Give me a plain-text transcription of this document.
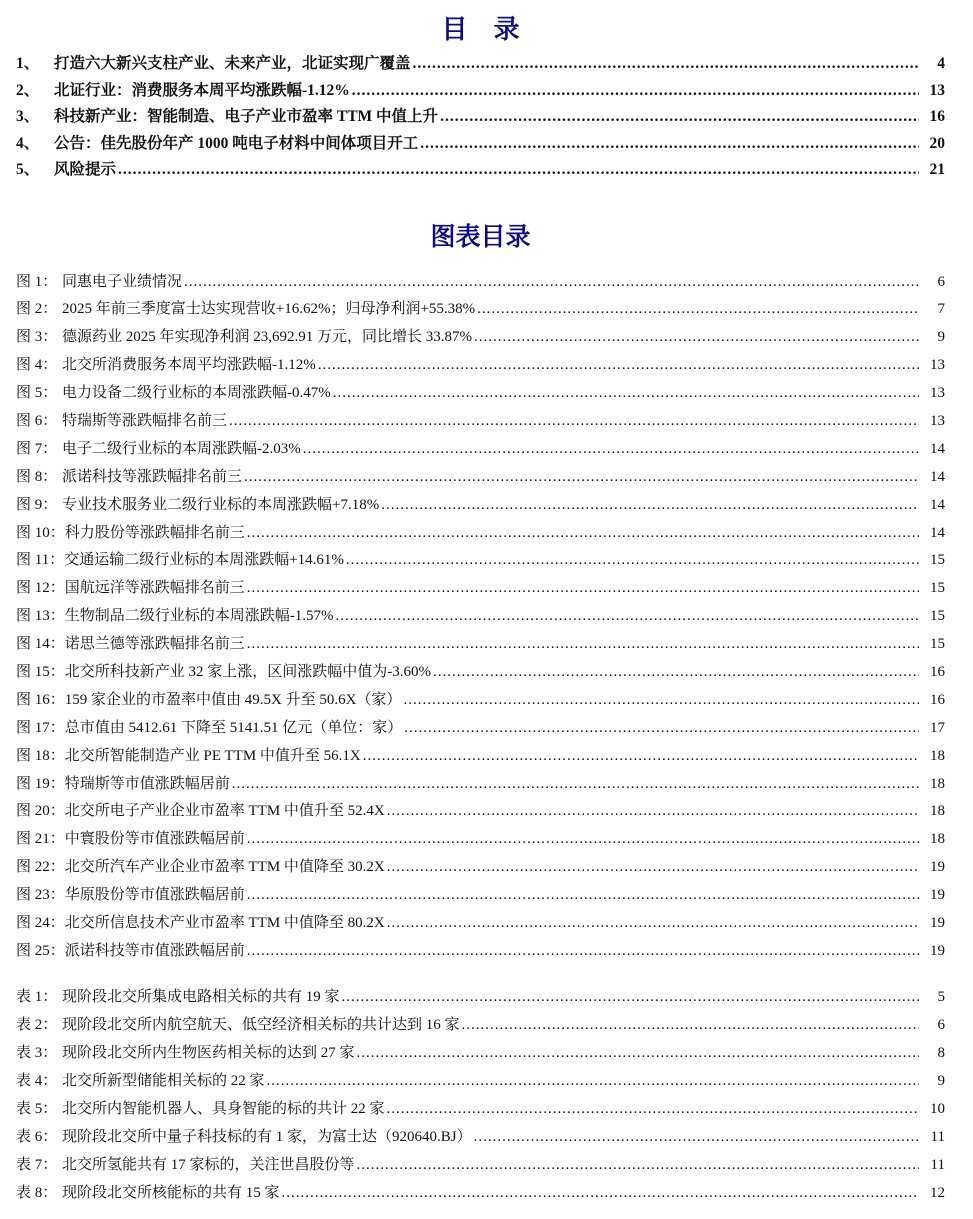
目　录
1、 打造六大新兴支柱产业、未来产业，北证实现广覆盖 .....	4
2、 北证行业：消费服务本周平均涨跌幅-1.12% .....	13
3、 科技新产业：智能制造、电子产业市盈率 TTM 中值上升 .....	16
4、 公告：佳先股份年产 1000 吨电子材料中间体项目开工 .....	20
5、 风险提示 .....	21
图表目录
图 1： 同惠电子业绩情况 .....	6
图 2： 2025 年前三季度富士达实现营收+16.62%；归母净利润+55.38% .....	7
图 3： 德源药业 2025 年实现净利润 23,692.91 万元，同比增长 33.87% .....	9
图 4： 北交所消费服务本周平均涨跌幅-1.12% .....	13
图 5： 电力设备二级行业标的本周涨跌幅-0.47% .....	13
图 6： 特瑞斯等涨跌幅排名前三 .....	13
图 7： 电子二级行业标的本周涨跌幅-2.03% .....	14
图 8： 派诺科技等涨跌幅排名前三 .....	14
图 9： 专业技术服务业二级行业标的本周涨跌幅+7.18% .....	14
图 10： 科力股份等涨跌幅排名前三 .....	14
图 11： 交通运输二级行业标的本周涨跌幅+14.61% .....	15
图 12： 国航远洋等涨跌幅排名前三 .....	15
图 13： 生物制品二级行业标的本周涨跌幅-1.57% .....	15
图 14： 诺思兰德等涨跌幅排名前三 .....	15
图 15： 北交所科技新产业 32 家上涨，区间涨跌幅中值为-3.60% .....	16
图 16： 159 家企业的市盈率中值由 49.5X 升至 50.6X（家） .....	16
图 17： 总市值由 5412.61 下降至 5141.51 亿元（单位：家） .....	17
图 18： 北交所智能制造产业 PE TTM 中值升至 56.1X .....	18
图 19： 特瑞斯等市值涨跌幅居前 .....	18
图 20： 北交所电子产业企业市盈率 TTM 中值升至 52.4X .....	18
图 21： 中寰股份等市值涨跌幅居前 .....	18
图 22： 北交所汽车产业企业市盈率 TTM 中值降至 30.2X .....	19
图 23： 华原股份等市值涨跌幅居前 .....	19
图 24： 北交所信息技术产业市盈率 TTM 中值降至 80.2X .....	19
图 25： 派诺科技等市值涨跌幅居前 .....	19
表 1： 现阶段北交所集成电路相关标的共有 19 家 .....	5
表 2： 现阶段北交所内航空航天、低空经济相关标的共计达到 16 家 .....	6
表 3： 现阶段北交所内生物医药相关标的达到 27 家 .....	8
表 4： 北交所新型储能相关标的 22 家 .....	9
表 5： 北交所内智能机器人、具身智能的标的共计 22 家 .....	10
表 6： 现阶段北交所中量子科技标的有 1 家，为富士达（920640.BJ） .....	11
表 7： 北交所氢能共有 17 家标的，关注世昌股份等 .....	11
表 8： 现阶段北交所核能标的共有 15 家 .....	12
